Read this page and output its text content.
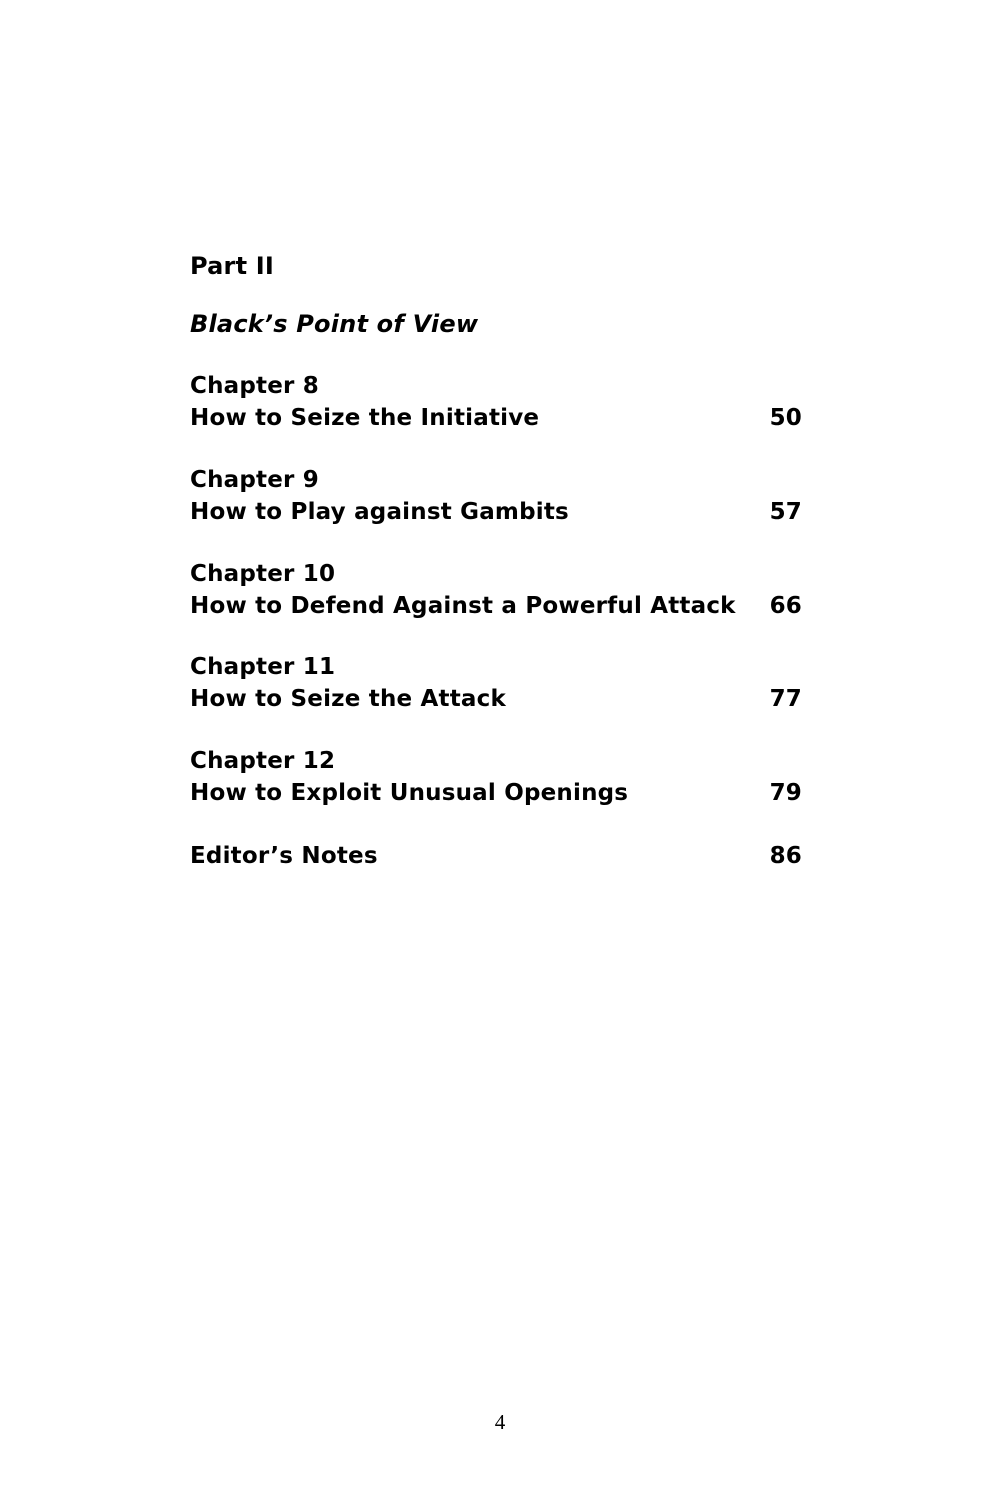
Part II
Black’s Point of View
Chapter 8
How to Seize the Initiative	50
Chapter 9
How to Play against Gambits	57
Chapter 10
How to Defend Against a Powerful Attack 66
Chapter 11
How to Seize the Attack	77
Chapter 12
How to Exploit Unusual Openings	79
Editor’s Notes	86
4
